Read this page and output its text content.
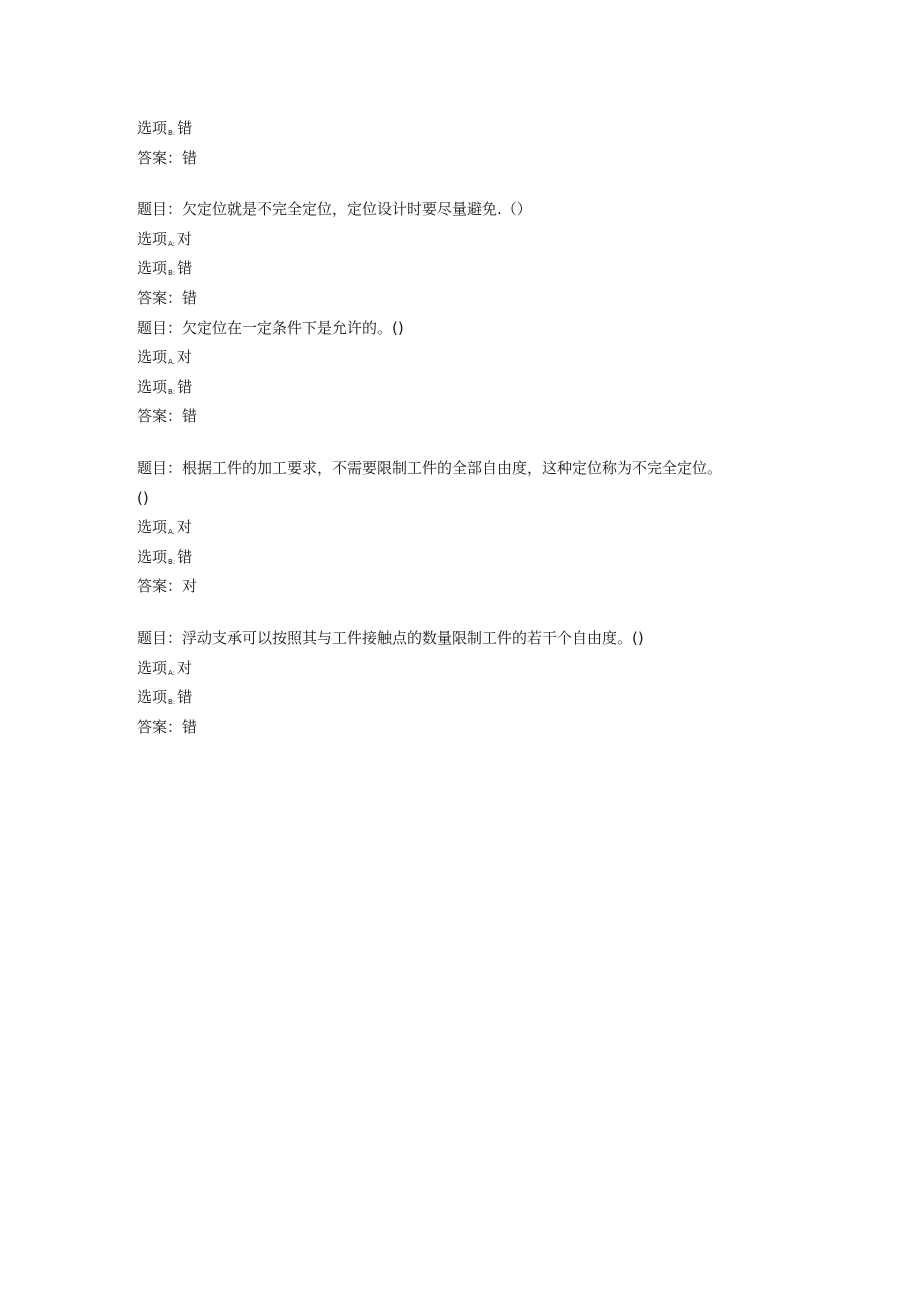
选项$_{B:}$ 错
答案：错
题目：欠定位就是不完全定位，定位设计时要尽量避免.（）
选项$_{A:}$ 对
选项$_{B:}$ 错
答案：错
题目：欠定位在一定条件下是允许的。()
选项$_{A.}$ 对
选项$_{B:}$ 错
答案：错
题目：根据工件的加工要求，不需要限制工件的全部自由度，这种定位称为不完全定位。
()
选项$_{A.}$ 对
选项$_{B:}$ 错
答案：对
题目：浮动支承可以按照其与工件接触点的数量限制工件的若干个自由度。()
选项$_{A:}$ 对
选项$_{B:}$ 错
答案：错
